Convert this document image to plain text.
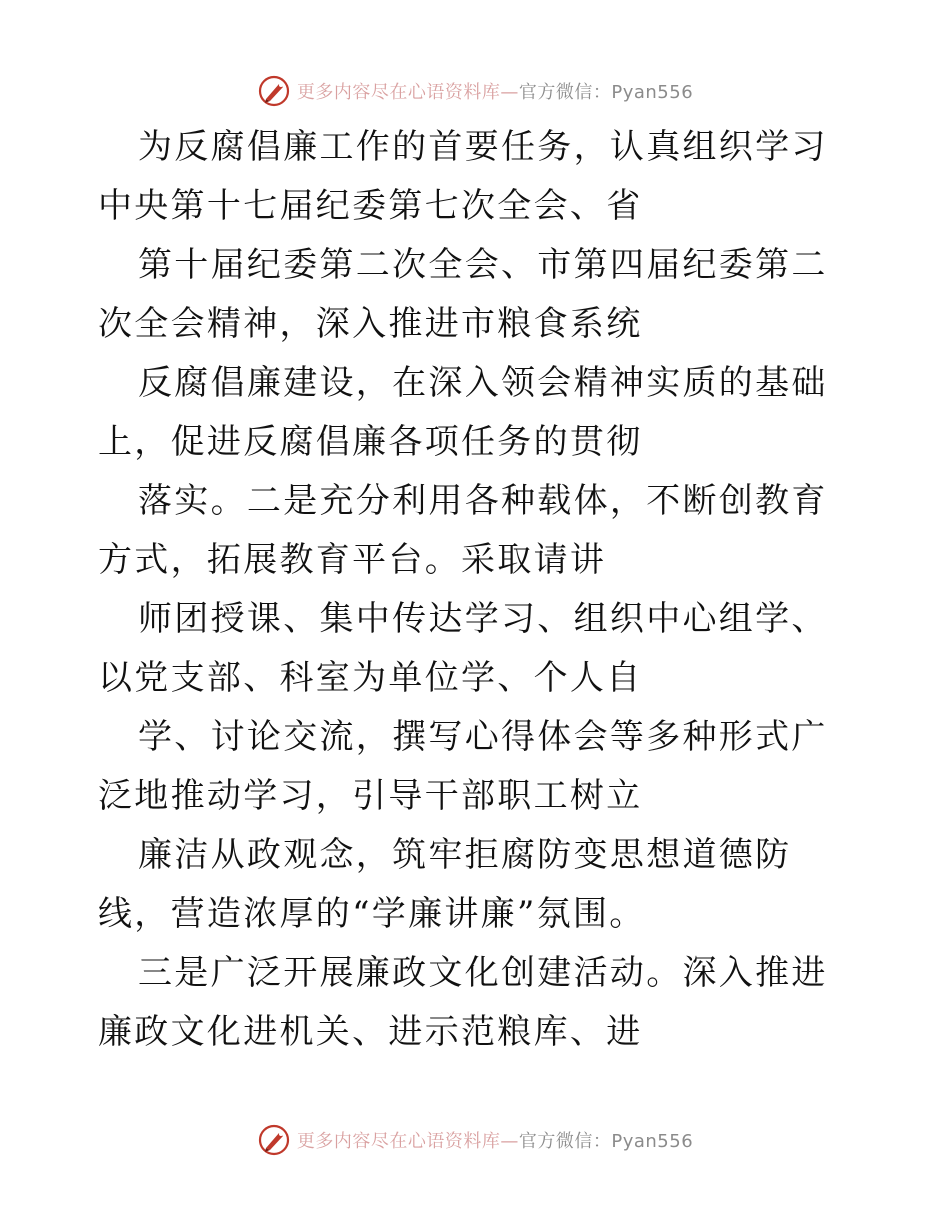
更多内容尽在心语资料库—官方微信：Pyan556

为反腐倡廉工作的首要任务，认真组织学习中央第十七届纪委第七次全会、省

第十届纪委第二次全会、市第四届纪委第二次全会精神，深入推进市粮食系统

反腐倡廉建设，在深入领会精神实质的基础上，促进反腐倡廉各项任务的贯彻

落实。二是充分利用各种载体，不断创教育方式，拓展教育平台。采取请讲

师团授课、集中传达学习、组织中心组学、以党支部、科室为单位学、个人自

学、讨论交流，撰写心得体会等多种形式广泛地推动学习，引导干部职工树立

廉洁从政观念，筑牢拒腐防变思想道德防线，营造浓厚的“学廉讲廉”氛围。

三是广泛开展廉政文化创建活动。深入推进廉政文化进机关、进示范粮库、进

更多内容尽在心语资料库—官方微信：Pyan556
